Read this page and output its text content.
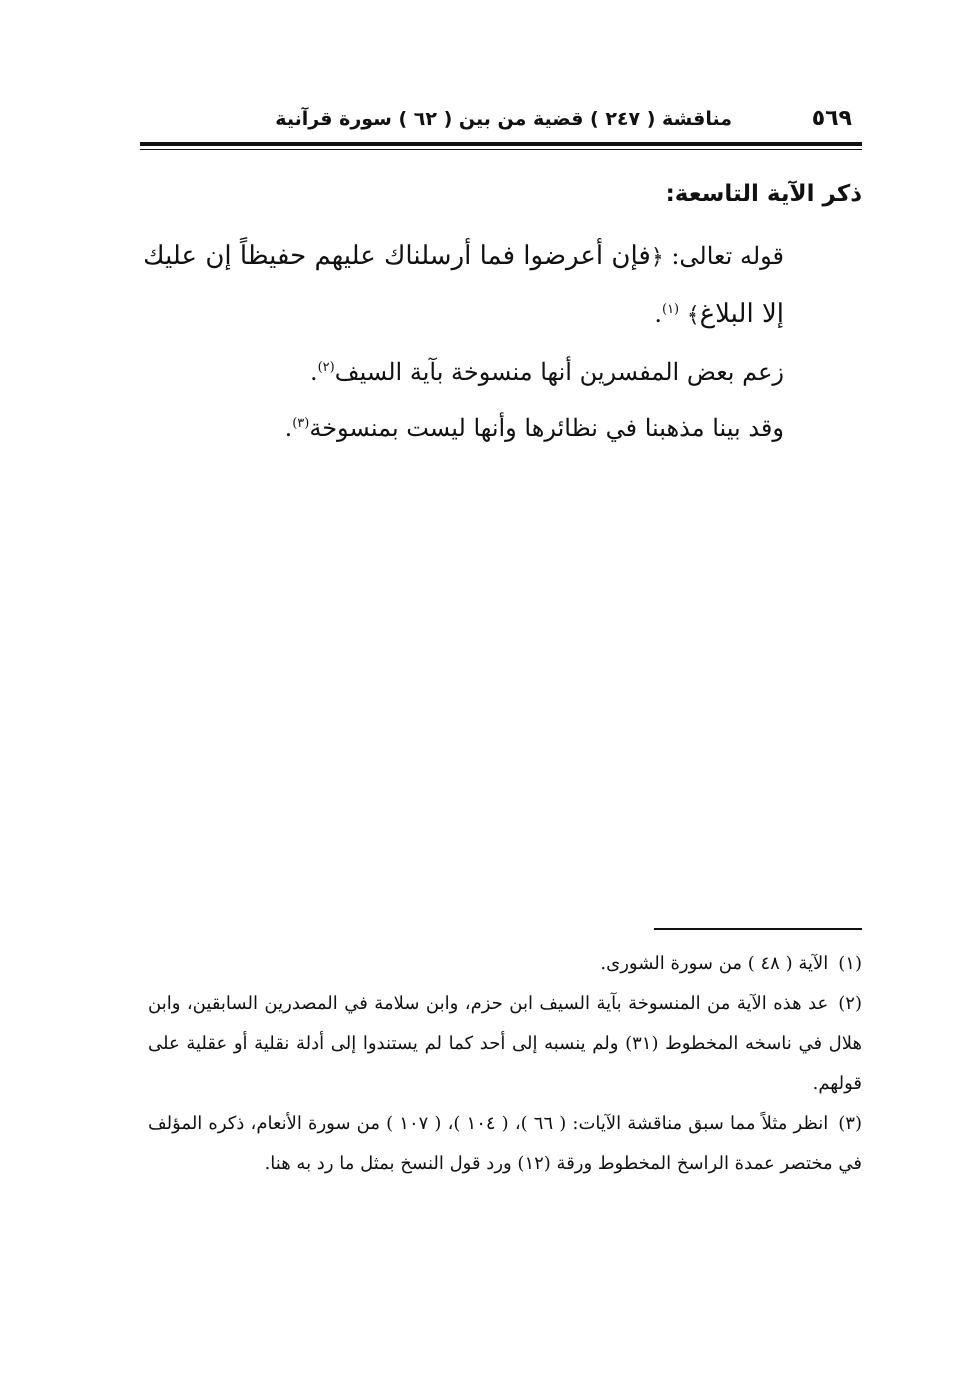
مناقشة ( ٢٤٧ ) قضية من بين ( ٦٢ ) سورة قرآنية	٥٦٩
ذكر الآية التاسعة:

قوله تعالى: ﴿فإن أعرضوا فما أرسلناك عليهم حفيظاً إن عليك إلا البلاغ﴾ $^{(١)}$.

زعم بعض المفسرين أنها منسوخة بآية السيف$^{(٢)}$.

وقد بينا مذهبنا في نظائرها وأنها ليست بمنسوخة$^{(٣)}$.

(١)الآية ( ٤٨ ) من سورة الشورى.

(٢)عد هذه الآية من المنسوخة بآية السيف ابن حزم، وابن سلامة في المصدرين السابقين، وابن هلال في ناسخه المخطوط (٣١) ولم ينسبه إلى أحد كما لم يستندوا إلى أدلة نقلية أو عقلية على قولهم.

(٣)انظر مثلاً مما سبق مناقشة الآيات: ( ٦٦ )، ( ١٠٤ )، ( ١٠٧ ) من سورة الأنعام، ذكره المؤلف في مختصر عمدة الراسخ المخطوط ورقة (١٢) ورد قول النسخ بمثل ما رد به هنا.
